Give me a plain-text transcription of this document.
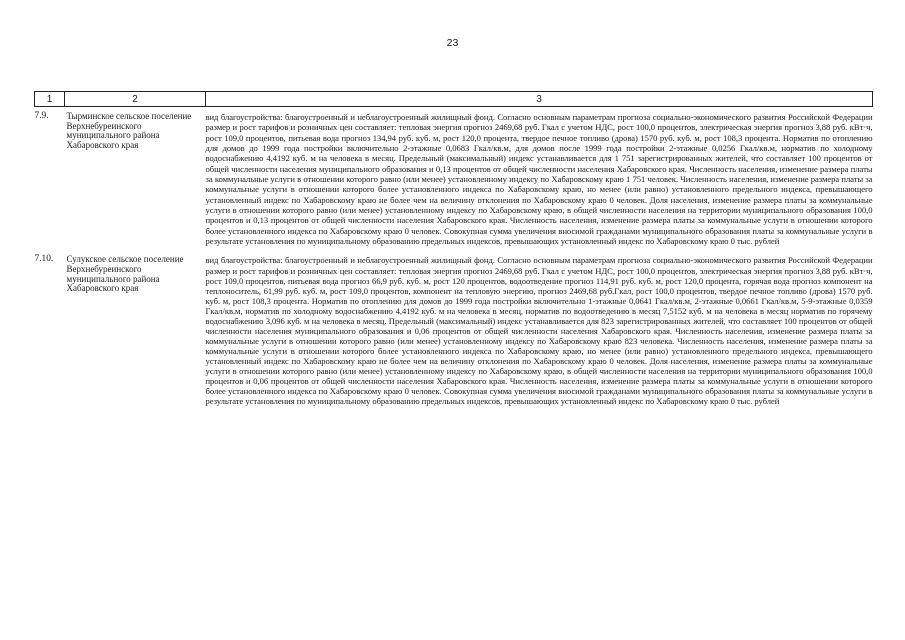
23
1	2	3
7.9.	Тырминское сельское поселение Верхнебуреинского муниципального района Хабаровского края	вид благоустройства: благоустроенный и неблагоустроенный жилищный фонд. Согласно основным параметрам прогноза социально-экономического развития Российской Федерации размер и рост тарифов и розничных цен составляет: тепловая энергия прогноз 2469,68 руб. Гкал с учетом НДС, рост 100,0 процентов, электрическая энергия прогноз 3,88 руб. кВт·ч, рост 109,0 процентов, питьевая вода прогноз 134,94 руб. куб. м, рост 120,0 процента, твердое печное топливо (дрова) 1570 руб. куб. м, рост 108,3 процента. Норматив по отоплению для домов до 1999 года постройки включительно 2-этажные 0,0683 Гкал/кв.м, для домов после 1999 года постройки 2-этажные 0,0256 Гкал/кв.м, норматив по холодному водоснабжению 4,4192 куб. м на человека в месяц. Предельный (максимальный) индекс устанавливается для 1 751 зарегистрированных жителей, что составляет 100 процентов от общей численности населения муниципального образования и 0,13 процентов от общей численности населения Хабаровского края. Численность населения, изменение размера платы за коммунальные услуги в отношении которого равно (или менее) установленному индексу по Хабаровскому краю 1 751 человек. Численность населения, изменение размера платы за коммунальные услуги в отношении которого более установленного индекса по Хабаровскому краю, но менее (или равно) установленного предельного индекса, превышающего установленный индекс по Хабаровскому краю не более чем на величину отклонения по Хабаровскому краю 0 человек. Доля населения, изменение размера платы за коммунальные услуги в отношении которого равно (или менее) установленному индексу по Хабаровскому краю, в общей численности населения на территории муниципального образования 100,0 процентов и 0,13 процентов от общей численности населения Хабаровского края. Численность населения, изменение размера платы за коммунальные услуги в отношении которого более установленного индекса по Хабаровскому краю 0 человек. Совокупная сумма увеличения вносимой гражданами муниципального образования платы за коммунальные услуги в результате установления по муниципальному образованию предельных индексов, превышающих установленный индекс по Хабаровскому краю 0 тыс. рублей
7.10.	Сулукское сельское поселение Верхнебуреинского муниципального района Хабаровского края	вид благоустройства: благоустроенный и неблагоустроенный жилищный фонд. Согласно основным параметрам прогноза социально-экономического развития Российской Федерации размер и рост тарифов и розничных цен составляет: тепловая энергия прогноз 2469,68 руб. Гкал с учетом НДС, рост 100,0 процентов, электрическая энергия прогноз 3,88 руб. кВт·ч, рост 109,0 процентов, питьевая вода прогноз 66,9 руб. куб. м, рост 120 процентов, водоотведение прогноз 114,91 руб. куб. м, рост 120,0 процента, горячая вода прогноз компонент на теплоноситель, 61,99 руб. куб. м, рост 109,0 процентов, компонент на тепловую энергию, прогноз 2469,68 руб.Гкал, рост 100,0 процентов, твердое печное топливо (дрова) 1570 руб. куб. м, рост 108,3 процента. Норматив по отоплению для домов до 1999 года постройки включительно 1-этажные 0,0641 Гкал/кв.м, 2-этажные 0,0661 Гкал/кв.м, 5-9-этажные 0,0359 Гкал/кв.м, норматив по холодному водоснабжению 4,4192 куб. м на человека в месяц, норматив по водоотведению в месяц 7,5152 куб. м на человека в месяц норматив по горячему водоснабжению 3,096 куб. м на человека в месяц. Предельный (максимальный) индекс устанавливается для 823 зарегистрированных жителей, что составляет 100 процентов от общей численности населения муниципального образования и 0,06 процентов от общей численности населения Хабаровского края. Численность населения, изменение размера платы за коммунальные услуги в отношении которого равно (или менее) установленному индексу по Хабаровскому краю 823 человека. Численность населения, изменение размера платы за коммунальные услуги в отношении которого более установленного индекса по Хабаровскому краю, но менее (или равно) установленного предельного индекса, превышающего установленный индекс по Хабаровскому краю не более чем на величину отклонения по Хабаровскому краю 0 человек. Доля населения, изменение размера платы за коммунальные услуги в отношении которого равно (или менее) установленному индексу по Хабаровскому краю, в общей численности населения на территории муниципального образования 100,0 процентов и 0,06 процентов от общей численности населения Хабаровского края. Численность населения, изменение размера платы за коммунальные услуги в отношении которого более установленного индекса по Хабаровскому краю 0 человек. Совокупная сумма увеличения вносимой гражданами муниципального образования платы за коммунальные услуги в результате установления по муниципальному образованию предельных индексов, превышающих установленный индекс по Хабаровскому краю 0 тыс. рублей
